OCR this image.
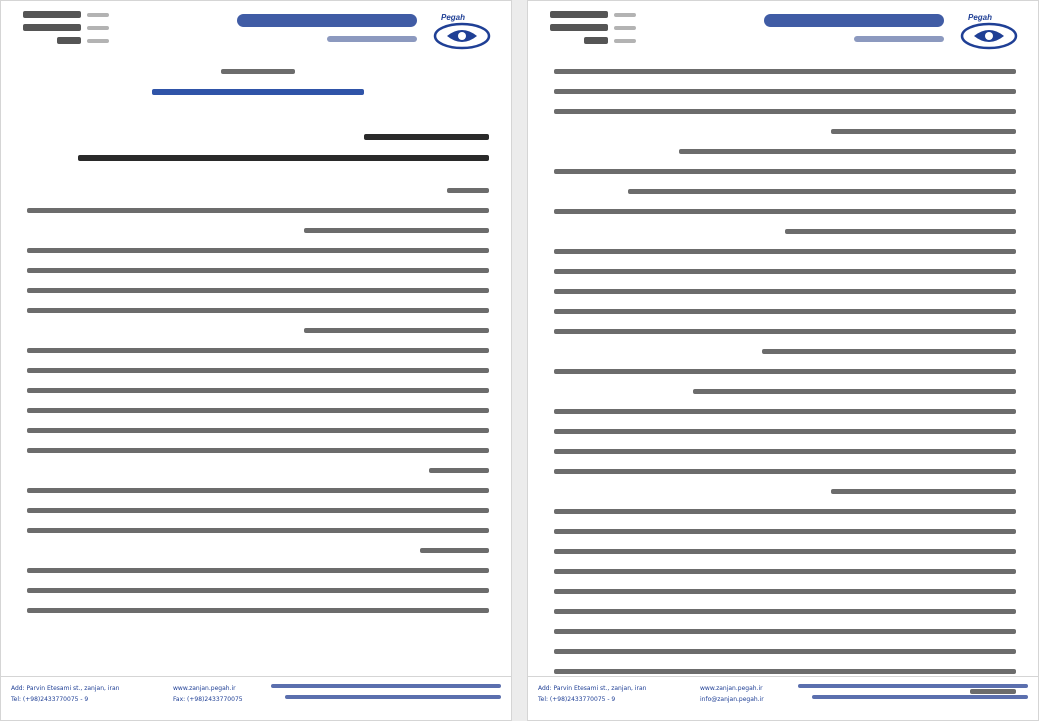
Pegah
Add: Parvin Etesami st., zanjan, iran
Tel: (+98)2433770075 - 9
www.zanjan.pegah.ir
Fax: (+98)2433770075
Pegah
Add: Parvin Etesami st., zanjan, iran
Tel: (+98)2433770075 - 9
www.zanjan.pegah.ir
info@zanjan.pegah.ir
